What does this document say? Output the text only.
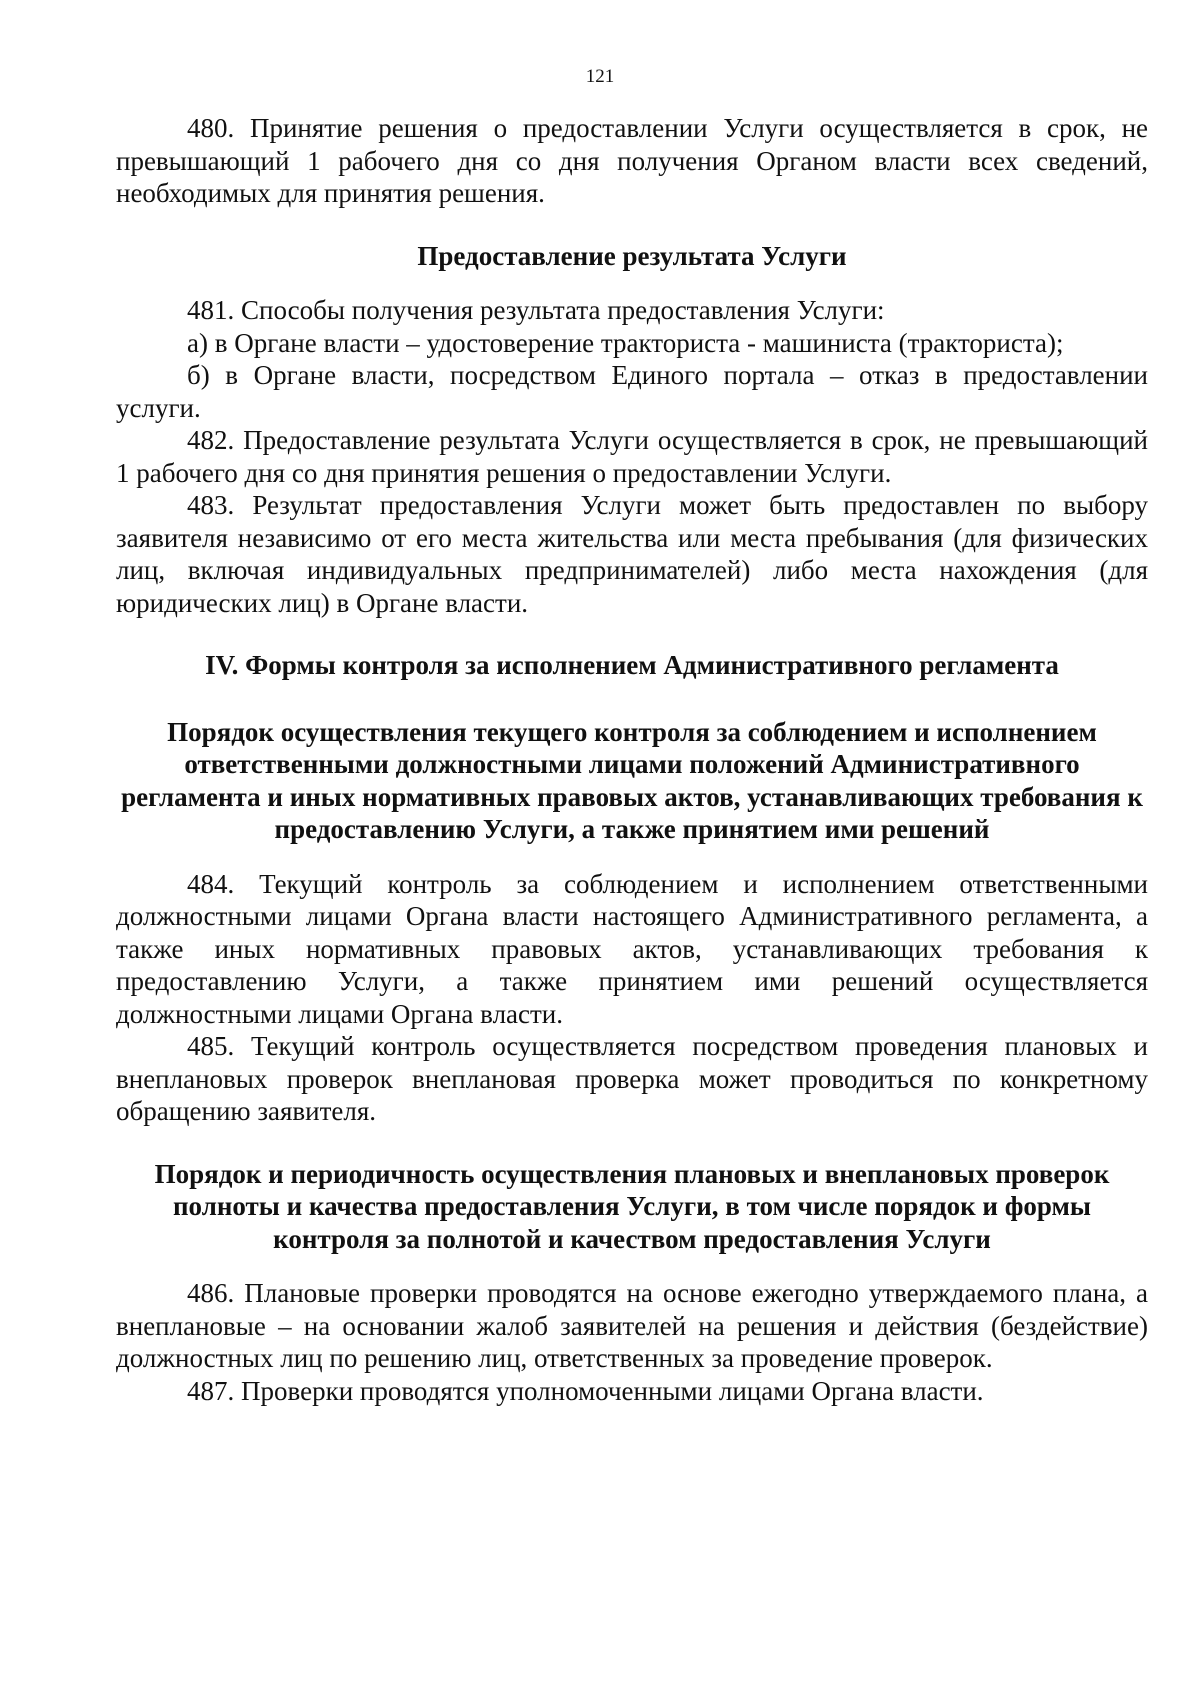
121

480. Принятие решения о предоставлении Услуги осуществляется в срок, не превышающий 1 рабочего дня со дня получения Органом власти всех сведений, необходимых для принятия решения.

Предоставление результата Услуги

481. Способы получения результата предоставления Услуги:

а) в Органе власти – удостоверение тракториста - машиниста (тракториста);

б) в Органе власти, посредством Единого портала – отказ в предоставлении услуги.

482. Предоставление результата Услуги осуществляется в срок, не превышающий 1 рабочего дня со дня принятия решения о предоставлении Услуги.

483. Результат предоставления Услуги может быть предоставлен по выбору заявителя независимо от его места жительства или места пребывания (для физических лиц, включая индивидуальных предпринимателей) либо места нахождения (для юридических лиц) в Органе власти.

IV. Формы контроля за исполнением Административного регламента
Порядок осуществления текущего контроля за соблюдением и исполнением ответственными должностными лицами положений Административного регламента и иных нормативных правовых актов, устанавливающих требования к предоставлению Услуги, а также принятием ими решений

484. Текущий контроль за соблюдением и исполнением ответственными должностными лицами Органа власти настоящего Административного регламента, а также иных нормативных правовых актов, устанавливающих требования к предоставлению Услуги, а также принятием ими решений осуществляется должностными лицами Органа власти.

485. Текущий контроль осуществляется посредством проведения плановых и внеплановых проверок внеплановая проверка может проводиться по конкретному обращению заявителя.

Порядок и периодичность осуществления плановых и внеплановых проверок полноты и качества предоставления Услуги, в том числе порядок и формы контроля за полнотой и качеством предоставления Услуги

486. Плановые проверки проводятся на основе ежегодно утверждаемого плана, а внеплановые – на основании жалоб заявителей на решения и действия (бездействие) должностных лиц по решению лиц, ответственных за проведение проверок.

487. Проверки проводятся уполномоченными лицами Органа власти.
